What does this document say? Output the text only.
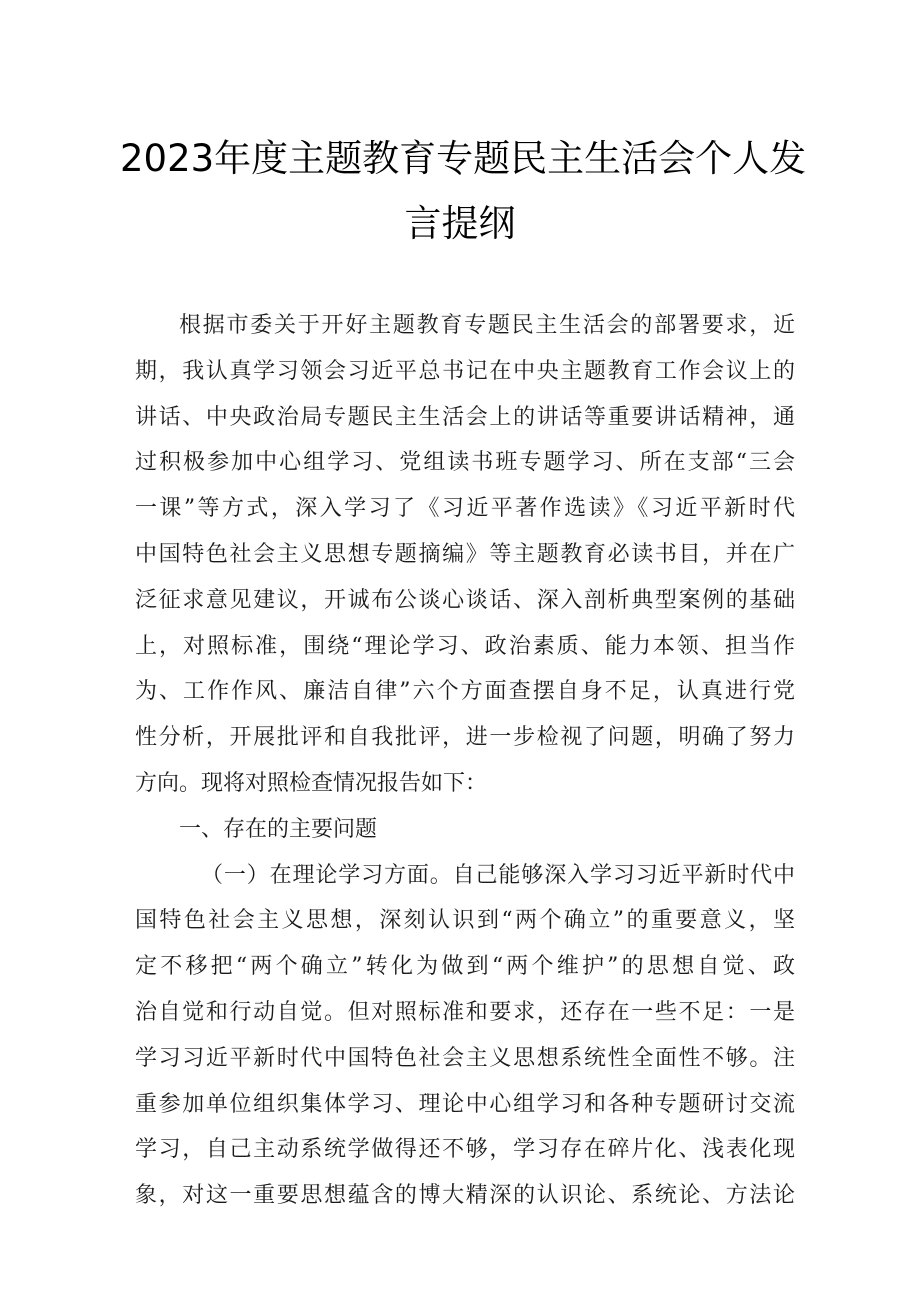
2023年度主题教育专题民主生活会个人发
言提纲
根据市委关于开好主题教育专题民主生活会的部署要求，近
期，我认真学习领会习近平总书记在中央主题教育工作会议上的
讲话、中央政治局专题民主生活会上的讲话等重要讲话精神，通
过积极参加中心组学习、党组读书班专题学习、所在支部“三会
一课”等方式，深入学习了《习近平著作选读》《习近平新时代
中国特色社会主义思想专题摘编》等主题教育必读书目，并在广
泛征求意见建议，开诚布公谈心谈话、深入剖析典型案例的基础
上，对照标准，围绕“理论学习、政治素质、能力本领、担当作
为、工作作风、廉洁自律”六个方面查摆自身不足，认真进行党
性分析，开展批评和自我批评，进一步检视了问题，明确了努力
方向。现将对照检查情况报告如下：
一、存在的主要问题
（一）在理论学习方面。自己能够深入学习习近平新时代中
国特色社会主义思想，深刻认识到“两个确立”的重要意义，坚
定不移把“两个确立”转化为做到“两个维护”的思想自觉、政
治自觉和行动自觉。但对照标准和要求，还存在一些不足：一是
学习习近平新时代中国特色社会主义思想系统性全面性不够。注
重参加单位组织集体学习、理论中心组学习和各种专题研讨交流
学习，自己主动系统学做得还不够，学习存在碎片化、浅表化现
象，对这一重要思想蕴含的博大精深的认识论、系统论、方法论
